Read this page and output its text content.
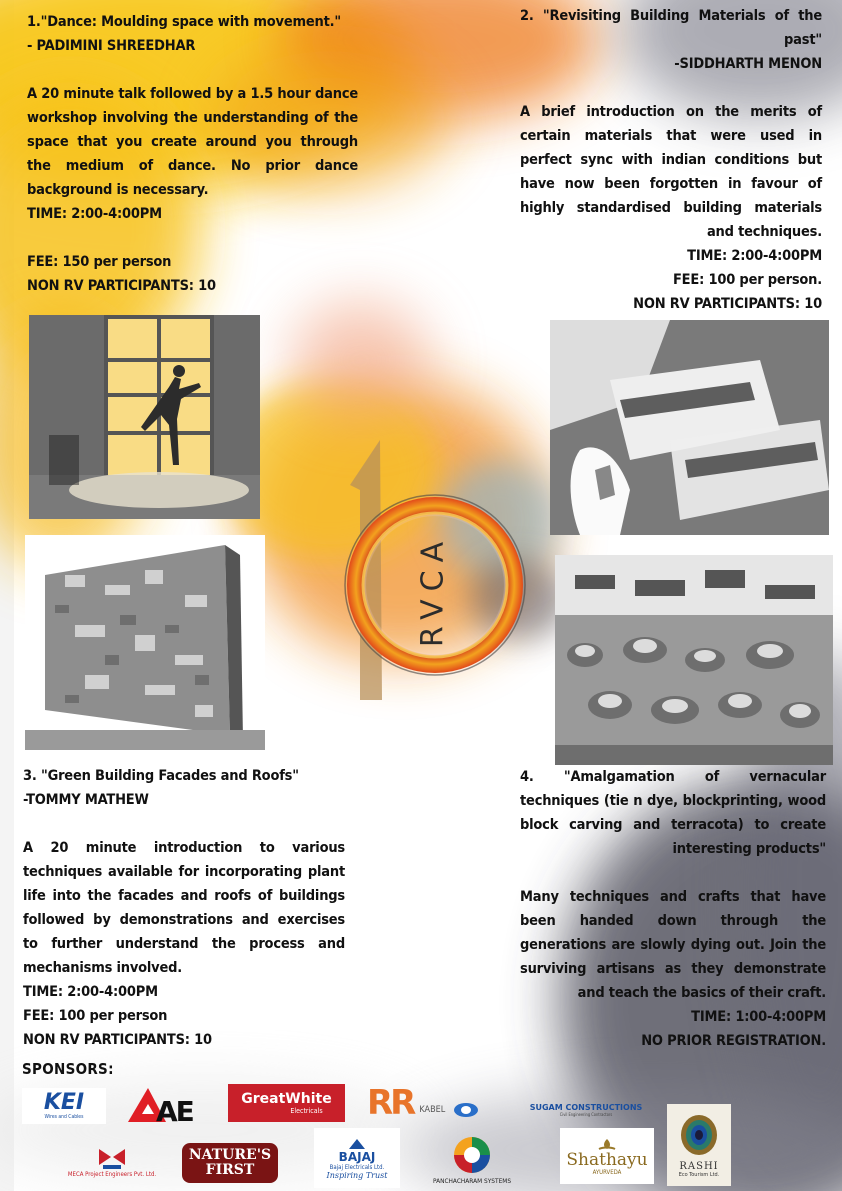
1."Dance: Moulding space with movement."

- PADIMINI SHREEDHAR

A 20 minute talk followed by a 1.5 hour dance workshop involving the understanding of the space that you create around you through the medium of dance. No prior dance background is necessary.

TIME: 2:00-4:00PM

FEE: 150 per person

NON RV PARTICIPANTS: 10

2. "Revisiting Building Materials of the past"

-SIDDHARTH MENON

A brief introduction on the merits of certain materials that were used in perfect sync with indian conditions but have now been forgotten in favour of highly standardised building materials and techniques.

TIME: 2:00-4:00PM

FEE: 100 per person.

NON RV PARTICIPANTS: 10

RVCA

3. "Green Building Facades and Roofs"

-TOMMY MATHEW

A 20 minute introduction to various techniques available for incorporating plant life into the facades and roofs of buildings followed by demonstrations and exercises to further understand the process and mechanisms involved.

TIME: 2:00-4:00PM

FEE: 100 per person

NON RV PARTICIPANTS: 10

4. "Amalgamation of vernacular techniques (tie n dye, blockprinting, wood block carving and terracota) to create interesting products"

Many techniques and crafts that have been handed down through the generations are slowly dying out. Join the surviving artisans as they demonstrate and teach the basics of their craft.

TIME: 1:00-4:00PM

NO PRIOR REGISTRATION.

SPONSORS:
KEI
Wires and Cables	AE	GreatWhite
Electricals RR KABEL	SUGAM CONSTRUCTIONS
Civil Engineering Contractors
MECA Project Engineers Pvt. Ltd.
NATURE'S
FIRST
BAJAJ
Bajaj Electricals Ltd.
Inspiring Trust
PANCHACHARAM SYSTEMS
Shathayu
AYURVEDA
RASHI
Eco Tourism Ltd.
